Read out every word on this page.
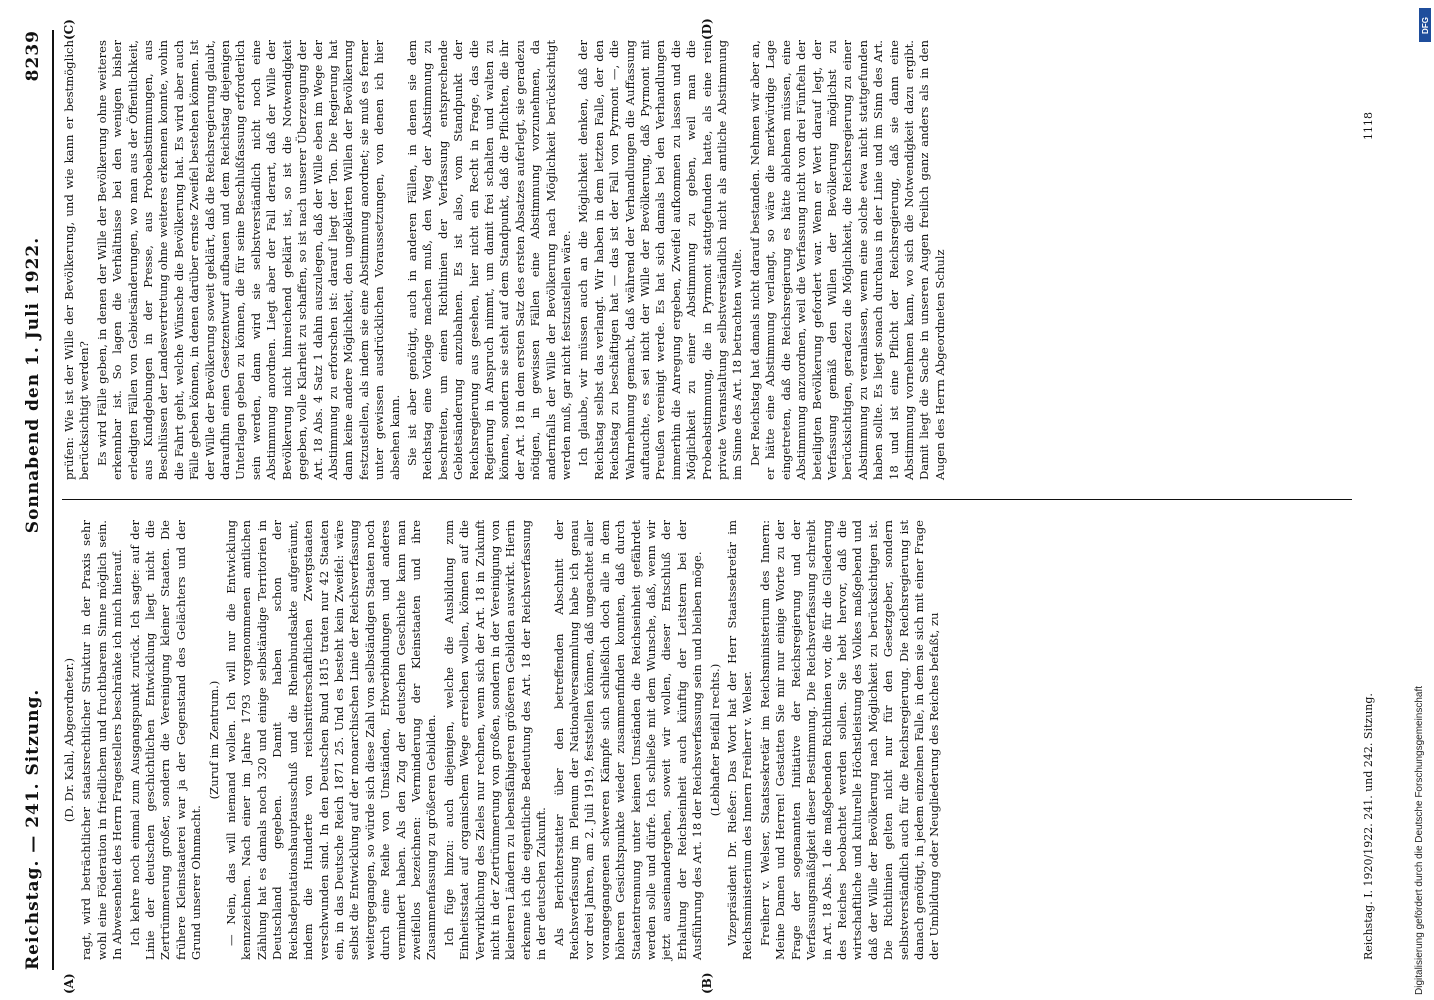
Reichstag. — 241. Sitzung.
Sonnabend den 1. Juli 1922.
8239
(A)	(B)
(C)	(D)

(D. Dr. Kahl, Abgeordneter.) ragt, wird beträchtlicher staatsrechtlicher Struktur in der Praxis sehr wohl eine Föderation in friedlichem und fruchtbarem Sinne möglich sein. In Abwesenheit des Herrn Fragestellers beschränke ich mich hierauf. Ich kehre noch einmal zum Ausgangspunkt zurück. Ich sagte: auf der Linie der deutschen geschichtlichen Entwicklung liegt nicht die Zertrümmerung großer, sondern die Vereinigung kleiner Staaten. Die frühere Kleinstaaterei war ja der Gegenstand des Gelächters und der Grund unserer Ohnmacht.

(Zuruf im Zentrum.) — Nein, das will niemand wollen. Ich will nur die Entwicklung kennzeichnen. Nach einer im Jahre 1793 vorgenommenen amtlichen Zählung hat es damals noch 320 und einige selbständige Territorien in Deutschland gegeben. Damit haben schon der Reichsdeputationshauptausschuß und die Rheinbundsakte aufgeräumt, indem die Hunderte von reichsritterschaftlichen Zwergstaaten verschwunden sind. In den Deutschen Bund 1815 traten nur 42 Staaten ein, in das Deutsche Reich 1871 25. Und es besteht kein Zweifel: wäre selbst die Entwicklung auf der monarchischen Linie der Reichsverfassung weitergegangen, so würde sich diese Zahl von selbständigen Staaten noch durch eine Reihe von Umständen, Erbverbindungen und anderes vermindert haben. Als den Zug der deutschen Geschichte kann man zweifellos bezeichnen: Verminderung der Kleinstaaten und ihre Zusammenfassung zu größeren Gebilden. Ich füge hinzu: auch diejenigen, welche die Ausbildung zum Einheitsstaat auf organischem Wege erreichen wollen, können auf die Verwirklichung des Zieles nur rechnen, wenn sich der Art. 18 in Zukunft nicht in der Zertrümmerung von großen, sondern in der Vereinigung von kleineren Ländern zu lebensfähigeren größeren Gebilden auswirkt. Hierin erkenne ich die eigentliche Bedeutung des Art. 18 der Reichsverfassung in der deutschen Zukunft. Als Berichterstatter über den betreffenden Abschnitt der Reichsverfassung im Plenum der Nationalversammlung habe ich genau vor drei Jahren, am 2. Juli 1919, feststellen können, daß ungeachtet aller vorangegangenen schweren Kämpfe sich schließlich doch alle in dem höheren Gesichtspunkte wieder zusammenfinden konnten, daß durch Staatentrennung unter keinen Umständen die Reichseinheit gefährdet werden solle und dürfe. Ich schließe mit dem Wunsche, daß, wenn wir jetzt auseinandergehen, soweit wir wollen, dieser Entschluß der Erhaltung der Reichseinheit auch künftig der Leitstern bei der Ausführung des Art. 18 der Reichsverfassung sein und bleiben möge. (Lebhafter Beifall rechts.) Vizepräsident Dr. Rießer: Das Wort hat der Herr Staatssekretär im Reichsministerium des Innern Freiherr v. Welser. Freiherr v. Welser, Staatssekretär im Reichsministerium des Innern: Meine Damen und Herren! Gestatten Sie mir nur einige Worte zu der Frage der sogenannten Initiative der Reichsregierung und der Verfassungsmäßigkeit dieser Bestimmung. Die Reichsverfassung schreibt in Art. 18 Abs. 1 die maßgebenden Richtlinien vor, die für die Gliederung des Reiches beobachtet werden sollen. Sie hebt hervor, daß die wirtschaftliche und kulturelle Höchstleistung des Volkes maßgebend und daß der Wille der Bevölkerung nach Möglichkeit zu berücksichtigen ist. Die Richtlinien gelten nicht nur für den Gesetzgeber, sondern selbstverständlich auch für die Reichsregierung. Die Reichsregierung ist danach genötigt, in jedem einzelnen Falle, in dem sie sich mit einer Frage der Umbildung oder Neugliederung des Reiches befaßt, zu

prüfen: Wie ist der Wille der Bevölkerung, und wie kann er bestmöglich berücksichtigt werden? Es wird Fälle geben, in denen der Wille der Bevölkerung ohne weiteres erkennbar ist. So lagen die Verhältnisse bei den wenigen bisher erledigten Fällen von Gebietsänderungen, wo man aus der Öffentlichkeit, aus Kundgebungen in der Presse, aus Probeabstimmungen, aus Beschlüssen der Landesvertretung ohne weiteres erkennen konnte, wohin die Fahrt geht, welche Wünsche die Bevölkerung hat. Es wird aber auch Fälle geben können, in denen darüber ernste Zweifel bestehen können. Ist der Wille der Bevölkerung soweit geklärt, daß die Reichsregierung glaubt, daraufhin einen Gesetzentwurf aufbauen und dem Reichstag diejenigen Unterlagen geben zu können, die für seine Beschlußfassung erforderlich sein werden, dann wird sie selbstverständlich nicht noch eine Abstimmung anordnen. Liegt aber der Fall derart, daß der Wille der Bevölkerung nicht hinreichend geklärt ist, so ist die Notwendigkeit gegeben, volle Klarheit zu schaffen, so ist nach unserer Überzeugung der Art. 18 Abs. 4 Satz 1 dahin auszulegen, daß der Wille eben im Wege der Abstimmung zu erforschen ist: darauf liegt der Ton. Die Regierung hat dann keine andere Möglichkeit, den ungeklärten Willen der Bevölkerung festzustellen, als indem sie eine Abstimmung anordnet; sie muß es ferner unter gewissen ausdrücklichen Voraussetzungen, von denen ich hier absehen kann. Sie ist aber genötigt, auch in anderen Fällen, in denen sie dem Reichstag eine Vorlage machen muß, den Weg der Abstimmung zu beschreiten, um einen Richtlinien der Verfassung entsprechende Gebietsänderung anzubahnen. Es ist also, vom Standpunkt der Reichsregierung aus gesehen, hier nicht ein Recht in Frage, das die Regierung in Anspruch nimmt, um damit frei schalten und walten zu können, sondern sie steht auf dem Standpunkt, daß die Pflichten, die ihr der Art. 18 in dem ersten Satz des ersten Absatzes auferlegt, sie geradezu nötigen, in gewissen Fällen eine Abstimmung vorzunehmen, da andernfalls der Wille der Bevölkerung nach Möglichkeit berücksichtigt werden muß, gar nicht festzustellen wäre. Ich glaube, wir müssen auch an die Möglichkeit denken, daß der Reichstag selbst das verlangt. Wir haben in dem letzten Falle, der den Reichstag zu beschäftigen hat — das ist der Fall von Pyrmont —, die Wahrnehmung gemacht, daß während der Verhandlungen die Auffassung auftauchte, es sei nicht der Wille der Bevölkerung, daß Pyrmont mit Preußen vereinigt werde. Es hat sich damals bei den Verhandlungen immerhin die Anregung ergeben, Zweifel aufkommen zu lassen und die Möglichkeit zu einer Abstimmung zu geben, weil man die Probeabstimmung, die in Pyrmont stattgefunden hatte, als eine rein private Veranstaltung selbstverständlich nicht als amtliche Abstimmung im Sinne des Art. 18 betrachten wollte. Der Reichstag hat damals nicht darauf bestanden. Nehmen wir aber an, er hätte eine Abstimmung verlangt, so wäre die merkwürdige Lage eingetreten, daß die Reichsregierung es hätte ablehnen müssen, eine Abstimmung anzuordnen, weil die Verfassung nicht von drei Fünfteln der beteiligten Bevölkerung gefordert war. Wenn er Wert darauf legt, der Verfassung gemäß den Willen der Bevölkerung möglichst zu berücksichtigen, geradezu die Möglichkeit, die Reichsregierung zu einer Abstimmung zu veranlassen, wenn eine solche etwa nicht stattgefunden haben sollte. Es liegt sonach durchaus in der Linie und im Sinn des Art. 18 und ist eine Pflicht der Reichsregierung, daß sie dann eine Abstimmung vornehmen kann, wo sich die Notwendigkeit dazu ergibt. Damit liegt die Sache in unseren Augen freilich ganz anders als in den Augen des Herrn Abgeordneten Schulz

Reichstag. I. 1920/1922. 241. und 242. Sitzung.
1118
Digitalisierung gefördert durch die Deutsche Forschungsgemeinschaft
DFG
